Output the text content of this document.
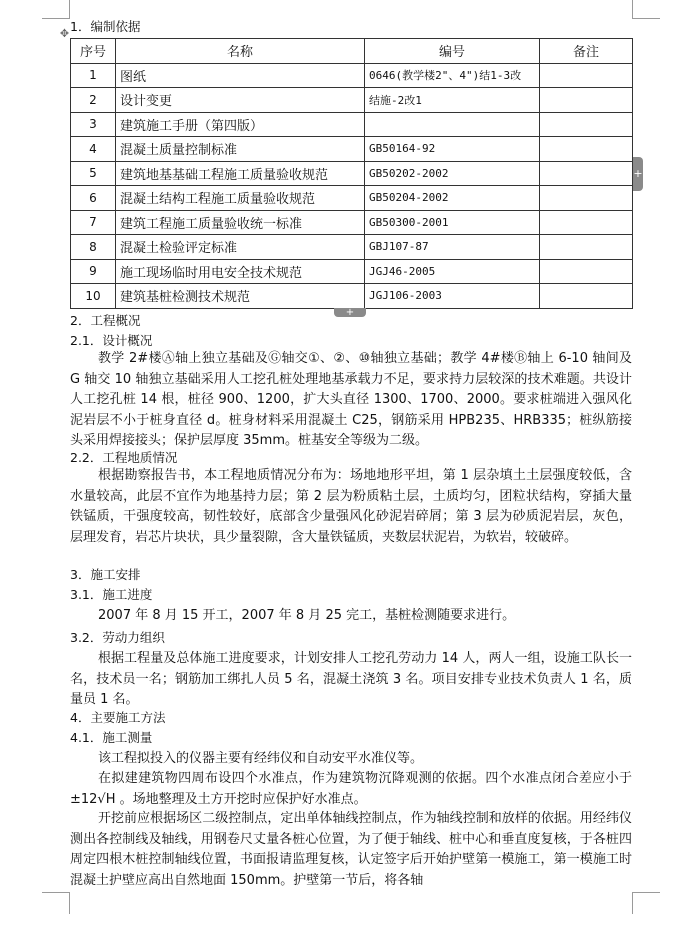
1．编制依据
✥
序号	名称	编号	备注
1	图纸	0646(教学楼2"、4")结1-3改	
2	设计变更	结施-2改1	
3	建筑施工手册（第四版）		
4	混凝土质量控制标准	GB50164-92	
5	建筑地基基础工程施工质量验收规范	GB50202-2002	
6	混凝土结构工程施工质量验收规范	GB50204-2002	
7	建筑工程施工质量验收统一标准	GB50300-2001	
8	混凝土检验评定标准	GBJ107-87	
9	施工现场临时用电安全技术规范	JGJ46-2005	
10	建筑基桩检测技术规范	JGJ106-2003	
+
+
2．工程概况
2.1．设计概况

教学 2#楼Ⓐ轴上独立基础及Ⓖ轴交①、②、⑩轴独立基础；教学 4#楼Ⓑ轴上 6-10 轴间及 G 轴交 10 轴独立基础采用人工挖孔桩处理地基承载力不足，要求持力层较深的技术难题。共设计人工挖孔桩 14 根，桩径 900、1200，扩大头直径 1300、1700、2000。要求桩端进入强风化泥岩层不小于桩身直径 d。桩身材料采用混凝土 C25，钢筋采用 HPB235、HRB335；桩纵筋接头采用焊接接头；保护层厚度 35mm。桩基安全等级为二级。

2.2．工程地质情况

根据勘察报告书，本工程地质情况分布为：场地地形平坦，第 1 层杂填土土层强度较低，含水量较高，此层不宜作为地基持力层；第 2 层为粉质粘土层，土质均匀，团粒状结构，穿插大量铁锰质，干强度较高，韧性较好，底部含少量强风化砂泥岩碎屑；第 3 层为砂质泥岩层，灰色，层理发育，岩芯片块状，具少量裂隙，含大量铁锰质，夹数层状泥岩，为软岩，较破碎。

3．施工安排
3.1．施工进度
2007 年 8 月 15 开工，2007 年 8 月 25 完工，基桩检测随要求进行。
3.2．劳动力组织

根据工程量及总体施工进度要求，计划安排人工挖孔劳动力 14 人，两人一组，设施工队长一名，技术员一名；钢筋加工绑扎人员 5 名，混凝土浇筑 3 名。项目安排专业技术负责人 1 名，质量员 1 名。

4．主要施工方法
4.1．施工测量
该工程拟投入的仪器主要有经纬仪和自动安平水准仪等。

在拟建建筑物四周布设四个水准点，作为建筑物沉降观测的依据。四个水准点闭合差应小于±12√H 。场地整理及土方开挖时应保护好水准点。

开挖前应根据场区二级控制点，定出单体轴线控制点，作为轴线控制和放样的依据。用经纬仪测出各控制线及轴线，用钢卷尺丈量各桩心位置，为了便于轴线、桩中心和垂直度复核，于各桩四周定四根木桩控制轴线位置，书面报请监理复核，认定签字后开始护壁第一模施工，第一模施工时混凝土护壁应高出自然地面 150mm。护壁第一节后，将各轴
